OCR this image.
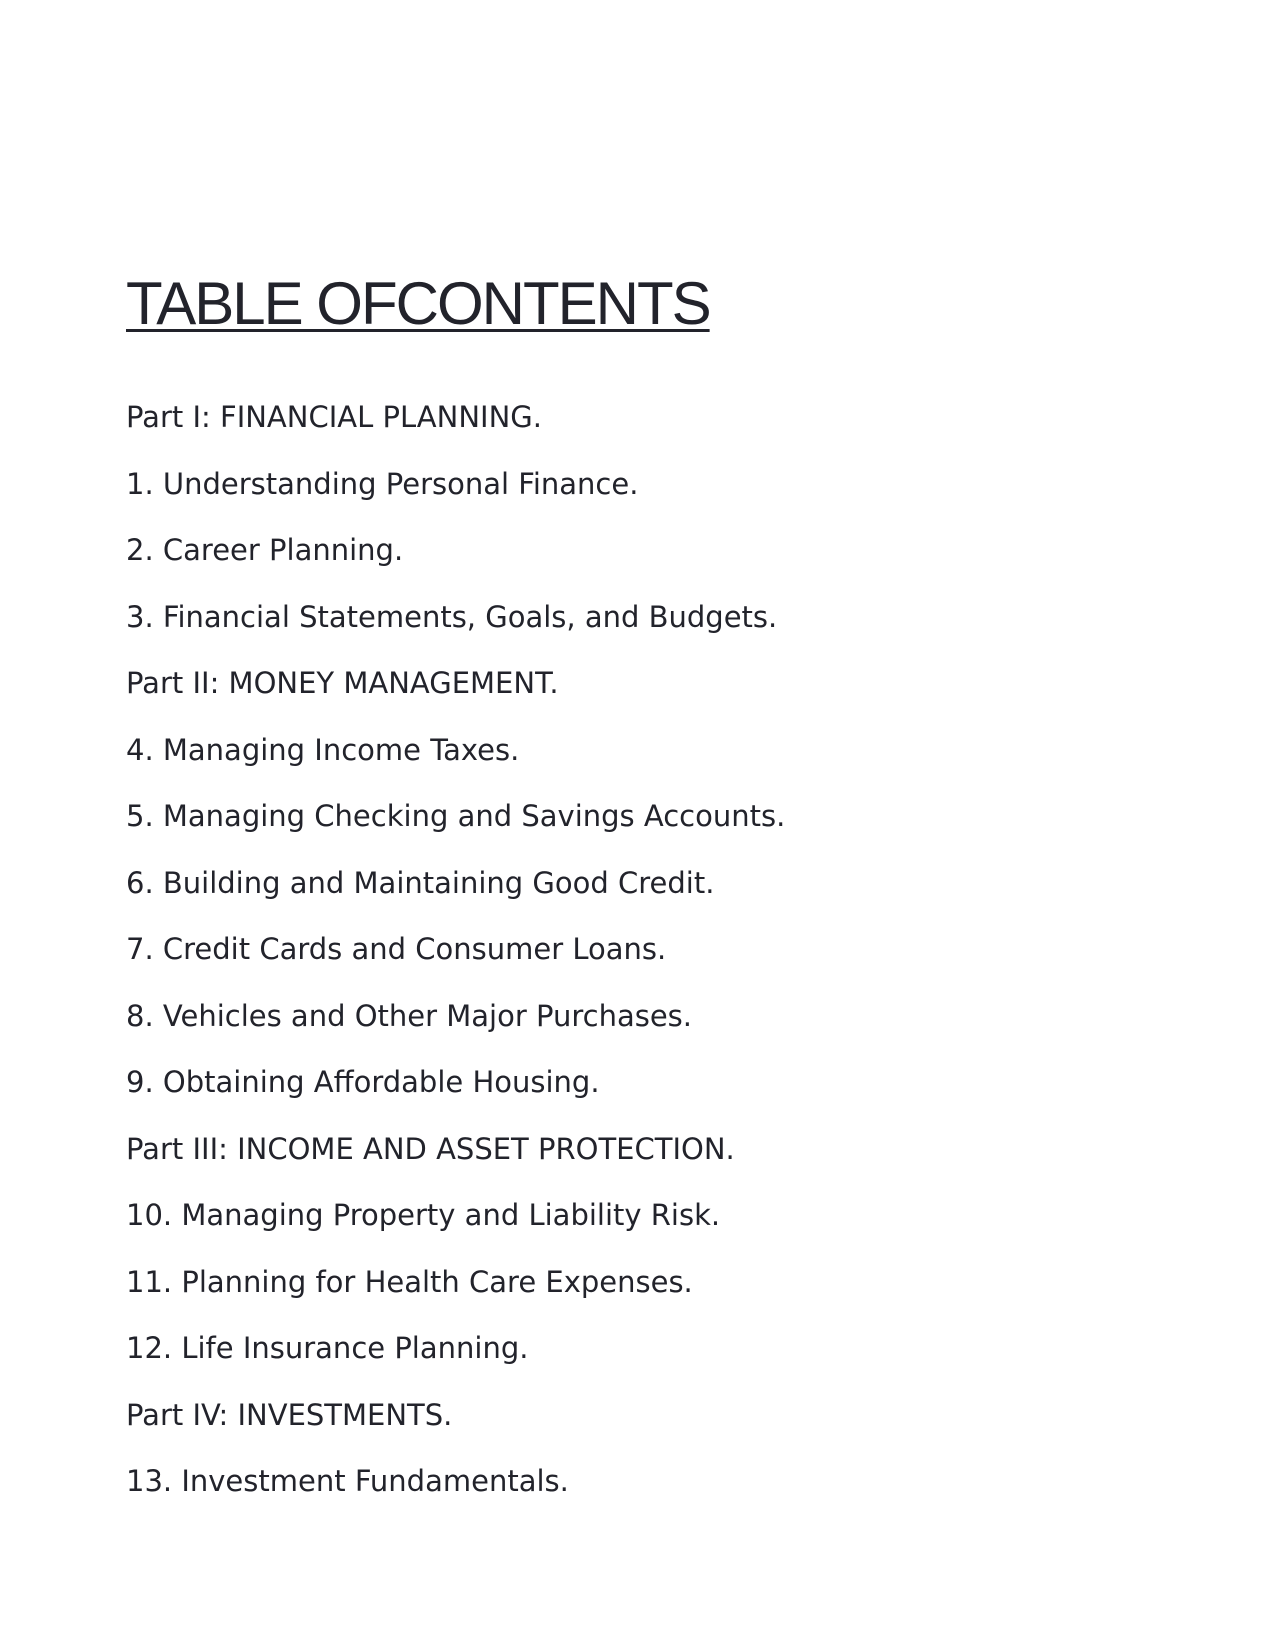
TABLE OFCONTENTS
Part I: FINANCIAL PLANNING.
1. Understanding Personal Finance.
2. Career Planning.
3. Financial Statements, Goals, and Budgets.
Part II: MONEY MANAGEMENT.
4. Managing Income Taxes.
5. Managing Checking and Savings Accounts.
6. Building and Maintaining Good Credit.
7. Credit Cards and Consumer Loans.
8. Vehicles and Other Major Purchases.
9. Obtaining Affordable Housing.
Part III: INCOME AND ASSET PROTECTION.
10. Managing Property and Liability Risk.
11. Planning for Health Care Expenses.
12. Life Insurance Planning.
Part IV: INVESTMENTS.
13. Investment Fundamentals.
